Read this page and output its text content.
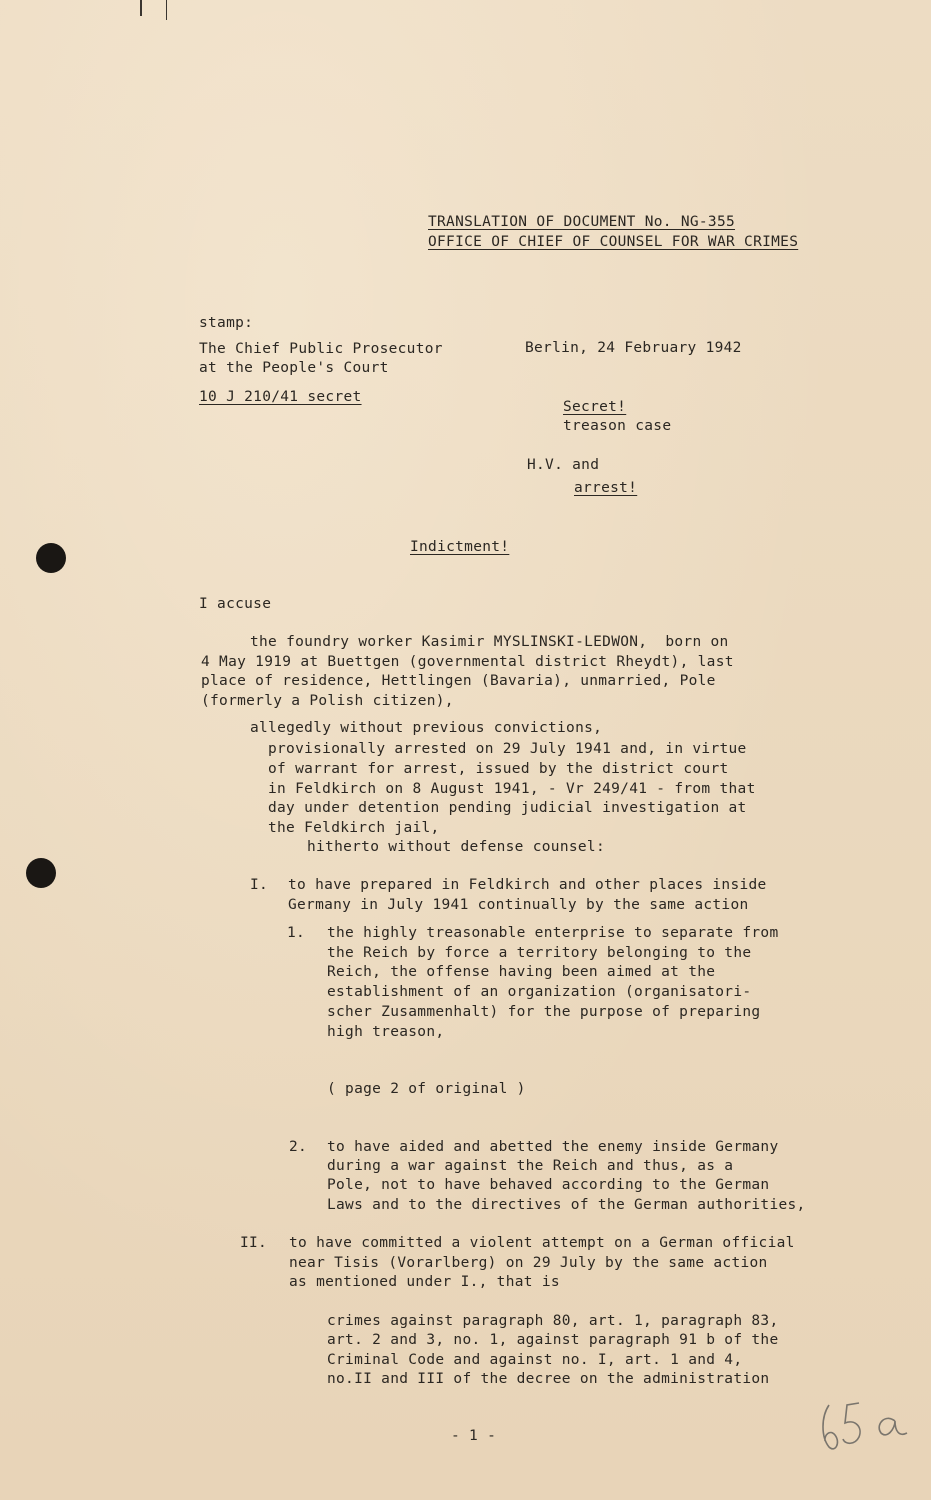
TRANSLATION OF DOCUMENT No. NG-355
OFFICE OF CHIEF OF COUNSEL FOR WAR CRIMES
stamp:
The Chief Public Prosecutor
at the People's Court
10 J 210/41 secret
Berlin, 24 February 1942
Secret!
treason case
H.V. and
arrest!
Indictment!
I accuse
the foundry worker Kasimir MYSLINSKI-LEDWON,  born on
4 May 1919 at Buettgen (governmental district Rheydt), last
place of residence, Hettlingen (Bavaria), unmarried, Pole
(formerly a Polish citizen),
allegedly without previous convictions,
provisionally arrested on 29 July 1941 and, in virtue
of warrant for arrest, issued by the district court
in Feldkirch on 8 August 1941, - Vr 249/41 - from that
day under detention pending judicial investigation at
the Feldkirch jail,
hitherto without defense counsel:
I. to have prepared in Feldkirch and other places inside
Germany in July 1941 continually by the same action
1. the highly treasonable enterprise to separate from
the Reich by force a territory belonging to the
Reich, the offense having been aimed at the
establishment of an organization (organisatori-
scher Zusammenhalt) for the purpose of preparing
high treason,
( page 2 of original )
2. to have aided and abetted the enemy inside Germany
during a war against the Reich and thus, as a
Pole, not to have behaved according to the German
Laws and to the directives of the German authorities,
II. to have committed a violent attempt on a German official
near Tisis (Vorarlberg) on 29 July by the same action
as mentioned under I., that is
crimes against paragraph 80, art. 1, paragraph 83,
art. 2 and 3, no. 1, against paragraph 91 b of the
Criminal Code and against no. I, art. 1 and 4,
no.II and III of the decree on the administration
- 1 -
